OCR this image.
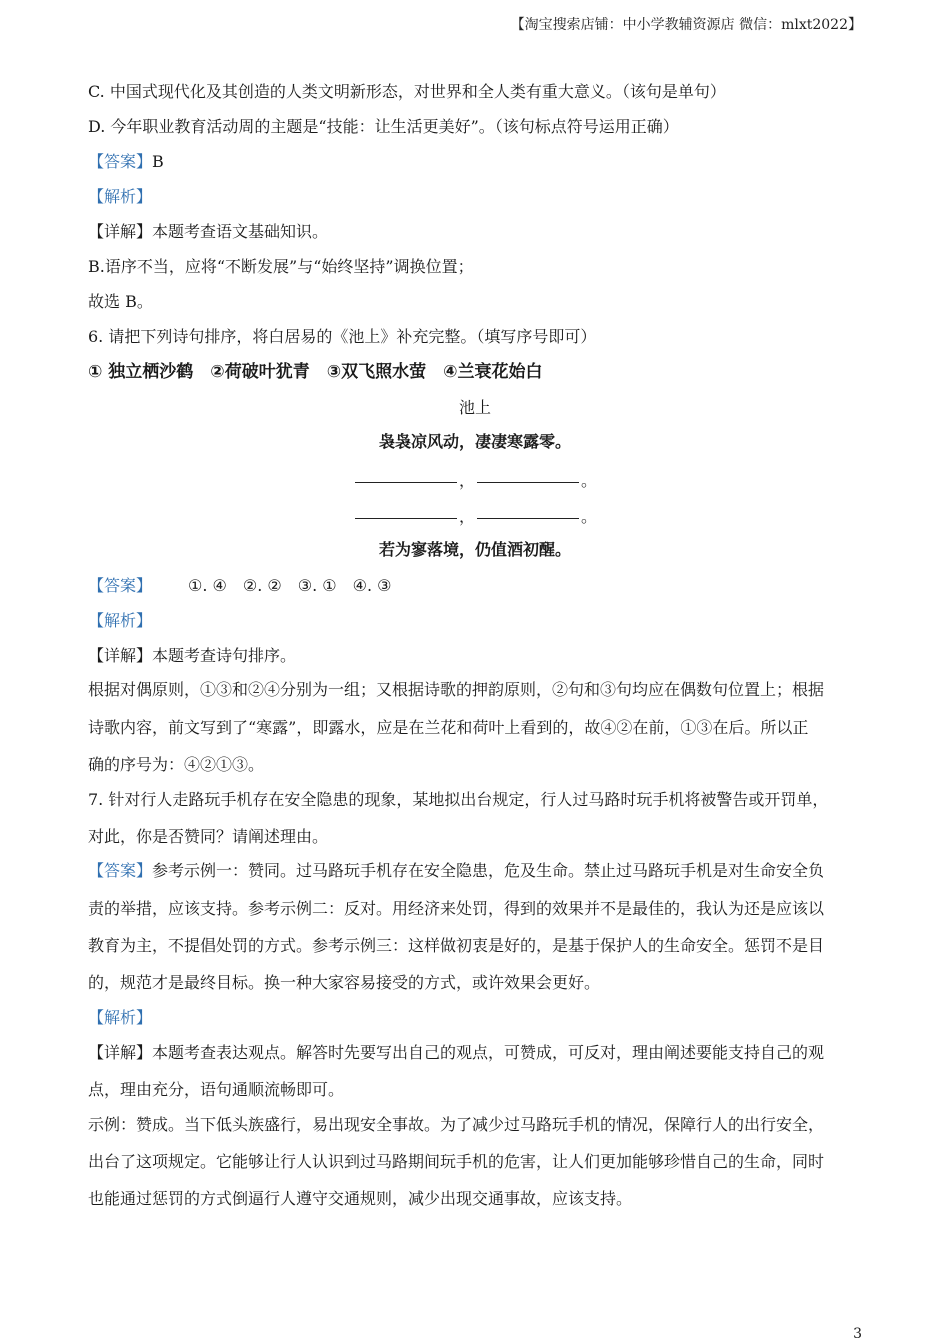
【淘宝搜索店铺：中小学教辅资源店 微信：mlxt2022】
C. 中国式现代化及其创造的人类文明新形态，对世界和全人类有重大意义。（该句是单句）
D. 今年职业教育活动周的主题是“技能：让生活更美好”。（该句标点符号运用正确）
【答案】B
【解析】
【详解】本题考查语文基础知识。
B.语序不当，应将“不断发展”与“始终坚持”调换位置；
故选 B。
6. 请把下列诗句排序，将白居易的《池上》补充完整。（填写序号即可）
① 独立栖沙鹤　②荷破叶犹青　③双飞照水萤　④兰衰花始白
池上
袅袅凉风动，凄凄寒露零。
，	。
，	。
若为寥落境，仍值酒初醒。
【答案】 ①. ④　②. ②　③. ①　④. ③
【解析】
【详解】本题考查诗句排序。
根据对偶原则，①③和②④分别为一组；又根据诗歌的押韵原则，②句和③句均应在偶数句位置上；根据
诗歌内容，前文写到了“寒露”，即露水，应是在兰花和荷叶上看到的，故④②在前，①③在后。所以正
确的序号为：④②①③。
7. 针对行人走路玩手机存在安全隐患的现象，某地拟出台规定，行人过马路时玩手机将被警告或开罚单，
对此，你是否赞同？请阐述理由。
【答案】参考示例一：赞同。过马路玩手机存在安全隐患，危及生命。禁止过马路玩手机是对生命安全负
责的举措，应该支持。参考示例二：反对。用经济来处罚，得到的效果并不是最佳的，我认为还是应该以
教育为主，不提倡处罚的方式。参考示例三：这样做初衷是好的，是基于保护人的生命安全。惩罚不是目
的，规范才是最终目标。换一种大家容易接受的方式，或许效果会更好。
【解析】
【详解】本题考查表达观点。解答时先要写出自己的观点，可赞成，可反对，理由阐述要能支持自己的观
点，理由充分，语句通顺流畅即可。
示例：赞成。当下低头族盛行，易出现安全事故。为了减少过马路玩手机的情况，保障行人的出行安全，
出台了这项规定。它能够让行人认识到过马路期间玩手机的危害，让人们更加能够珍惜自己的生命，同时
也能通过惩罚的方式倒逼行人遵守交通规则，减少出现交通事故，应该支持。
3
